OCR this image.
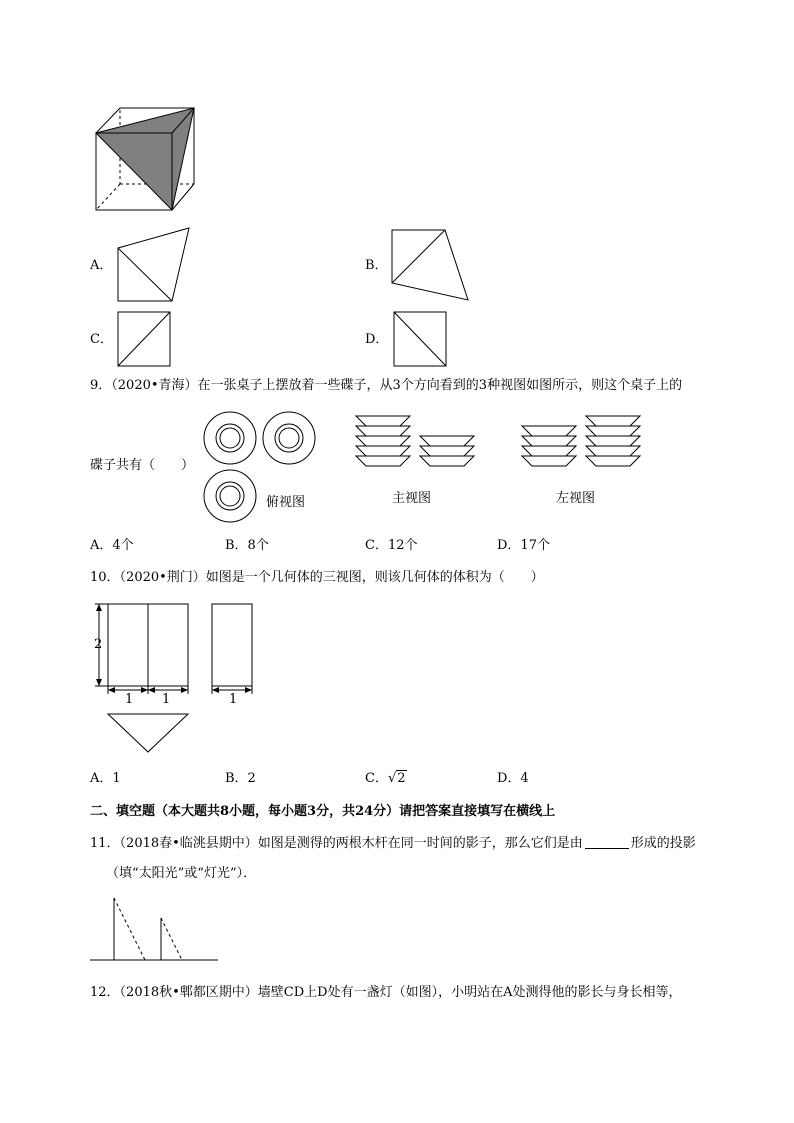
A．	B．
C．	D．
9．（2020•青海）在一张桌子上摆放着一些碟子，从3个方向看到的3种视图如图所示，则这个桌子上的
碟子共有（　　）
俯视图	主视图	左视图
A．4个	B．8个	C．12个	D．17个
10．（2020•荆门）如图是一个几何体的三视图，则该几何体的体积为（　　）
2
1 1	1
A．1	B．2	C．√2	D．4
二、填空题（本大题共8小题，每小题3分，共24分）请把答案直接填写在横线上
11．（2018春•临洮县期中）如图是测得的两根木杆在同一时间的影子，那么它们是由	形成的投影
（填“太阳光”或“灯光”）．
12．（2018秋•郫都区期中）墙壁CD上D处有一盏灯（如图），小明站在A处测得他的影长与身长相等，
